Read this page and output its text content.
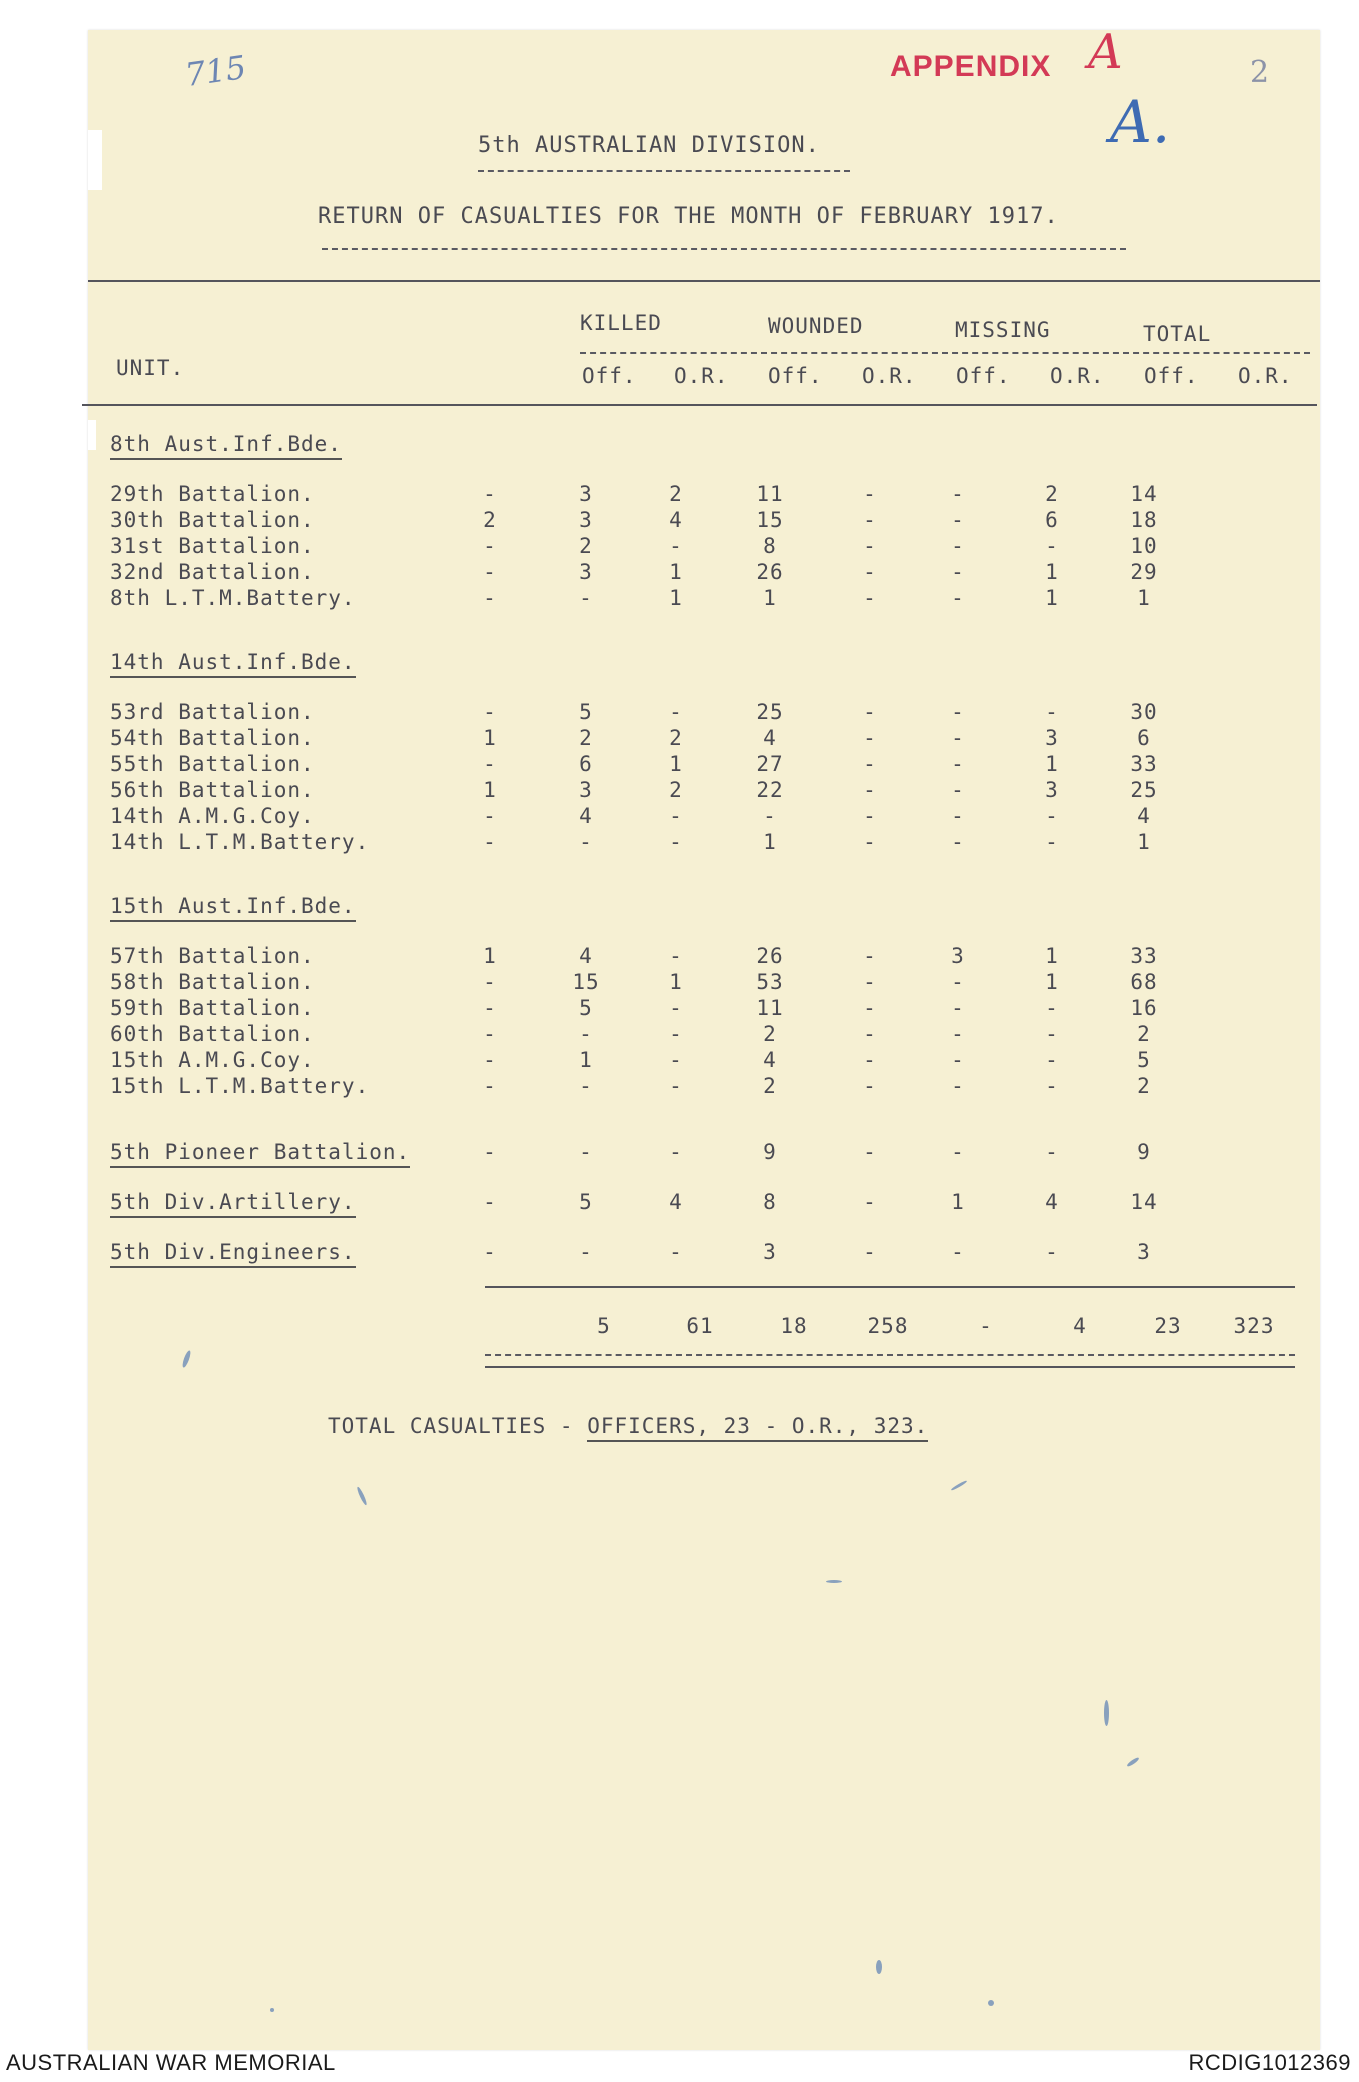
715	APPENDIX A
A.
2
5th AUSTRALIAN DIVISION.
RETURN OF CASUALTIES FOR THE MONTH OF FEBRUARY 1917.
KILLED	WOUNDED	MISSING	TOTAL
UNIT.	Off. O.R. Off. O.R. Off. O.R. Off. O.R.
8th Aust.Inf.Bde.
29th Battalion.	-	3	2	11	-	-	2	14
30th Battalion.	2	3	4	15	-	-	6	18
31st Battalion.	-	2	-	8	-	-	-	10
32nd Battalion.	-	3	1	26	-	-	1	29
8th L.T.M.Battery.	-	-	1	1	-	-	1	1
14th Aust.Inf.Bde.
53rd Battalion.	-	5	-	25	-	-	-	30
54th Battalion.	1	2	2	4	-	-	3	6
55th Battalion.	-	6	1	27	-	-	1	33
56th Battalion.	1	3	2	22	-	-	3	25
14th A.M.G.Coy.	-	4	-	-	-	-	-	4
14th L.T.M.Battery.	-	-	-	1	-	-	-	1
15th Aust.Inf.Bde.
57th Battalion.	1	4	-	26	-	3	1	33
58th Battalion.	-	15	1	53	-	-	1	68
59th Battalion.	-	5	-	11	-	-	-	16
60th Battalion.	-	-	-	2	-	-	-	2
15th A.M.G.Coy.	-	1	-	4	-	-	-	5
15th L.T.M.Battery.	-	-	-	2	-	-	-	2
5th Pioneer Battalion.	-	-	-	9	-	-	-	9
5th Div.Artillery.	-	5	4	8	-	1	4	14
5th Div.Engineers.	-	-	-	3	-	-	-	3
5	61	18	258	-	4	23	323
TOTAL CASUALTIES - OFFICERS, 23 - O.R., 323.
AUSTRALIAN WAR MEMORIAL	RCDIG1012369
